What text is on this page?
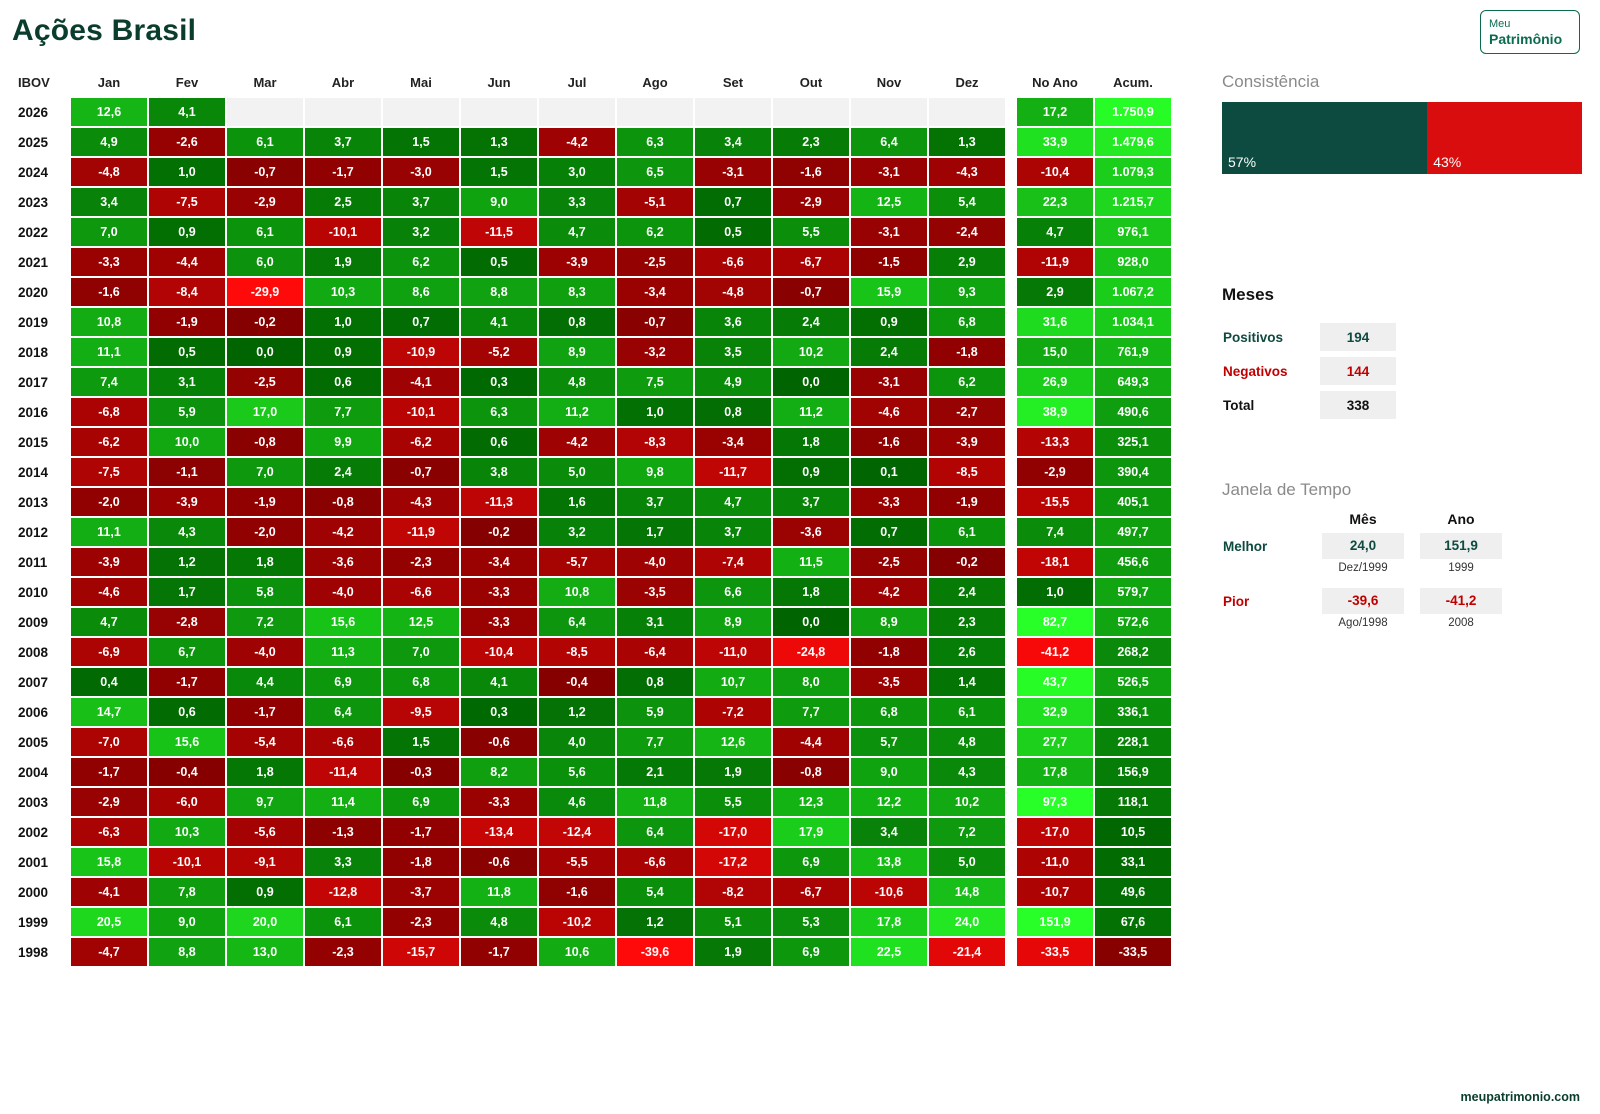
Ações Brasil	Meu
Patrimônio
IBOV	Jan	Fev	Mar	Abr	Mai	Jun	Jul	Ago	Set	Out	Nov	Dez		No Ano	Acum.
2026	12,6	4,1												17,2	1.750,9
2025	4,9	-2,6	6,1	3,7	1,5	1,3	-4,2	6,3	3,4	2,3	6,4	1,3		33,9	1.479,6
2024	-4,8	1,0	-0,7	-1,7	-3,0	1,5	3,0	6,5	-3,1	-1,6	-3,1	-4,3		-10,4	1.079,3
2023	3,4	-7,5	-2,9	2,5	3,7	9,0	3,3	-5,1	0,7	-2,9	12,5	5,4		22,3	1.215,7
2022	7,0	0,9	6,1	-10,1	3,2	-11,5	4,7	6,2	0,5	5,5	-3,1	-2,4		4,7	976,1
2021	-3,3	-4,4	6,0	1,9	6,2	0,5	-3,9	-2,5	-6,6	-6,7	-1,5	2,9		-11,9	928,0
2020	-1,6	-8,4	-29,9	10,3	8,6	8,8	8,3	-3,4	-4,8	-0,7	15,9	9,3		2,9	1.067,2
2019	10,8	-1,9	-0,2	1,0	0,7	4,1	0,8	-0,7	3,6	2,4	0,9	6,8		31,6	1.034,1
2018	11,1	0,5	0,0	0,9	-10,9	-5,2	8,9	-3,2	3,5	10,2	2,4	-1,8		15,0	761,9
2017	7,4	3,1	-2,5	0,6	-4,1	0,3	4,8	7,5	4,9	0,0	-3,1	6,2		26,9	649,3
2016	-6,8	5,9	17,0	7,7	-10,1	6,3	11,2	1,0	0,8	11,2	-4,6	-2,7		38,9	490,6
2015	-6,2	10,0	-0,8	9,9	-6,2	0,6	-4,2	-8,3	-3,4	1,8	-1,6	-3,9		-13,3	325,1
2014	-7,5	-1,1	7,0	2,4	-0,7	3,8	5,0	9,8	-11,7	0,9	0,1	-8,5		-2,9	390,4
2013	-2,0	-3,9	-1,9	-0,8	-4,3	-11,3	1,6	3,7	4,7	3,7	-3,3	-1,9		-15,5	405,1
2012	11,1	4,3	-2,0	-4,2	-11,9	-0,2	3,2	1,7	3,7	-3,6	0,7	6,1		7,4	497,7
2011	-3,9	1,2	1,8	-3,6	-2,3	-3,4	-5,7	-4,0	-7,4	11,5	-2,5	-0,2		-18,1	456,6
2010	-4,6	1,7	5,8	-4,0	-6,6	-3,3	10,8	-3,5	6,6	1,8	-4,2	2,4		1,0	579,7
2009	4,7	-2,8	7,2	15,6	12,5	-3,3	6,4	3,1	8,9	0,0	8,9	2,3		82,7	572,6
2008	-6,9	6,7	-4,0	11,3	7,0	-10,4	-8,5	-6,4	-11,0	-24,8	-1,8	2,6		-41,2	268,2
2007	0,4	-1,7	4,4	6,9	6,8	4,1	-0,4	0,8	10,7	8,0	-3,5	1,4		43,7	526,5
2006	14,7	0,6	-1,7	6,4	-9,5	0,3	1,2	5,9	-7,2	7,7	6,8	6,1		32,9	336,1
2005	-7,0	15,6	-5,4	-6,6	1,5	-0,6	4,0	7,7	12,6	-4,4	5,7	4,8		27,7	228,1
2004	-1,7	-0,4	1,8	-11,4	-0,3	8,2	5,6	2,1	1,9	-0,8	9,0	4,3		17,8	156,9
2003	-2,9	-6,0	9,7	11,4	6,9	-3,3	4,6	11,8	5,5	12,3	12,2	10,2		97,3	118,1
2002	-6,3	10,3	-5,6	-1,3	-1,7	-13,4	-12,4	6,4	-17,0	17,9	3,4	7,2		-17,0	10,5
2001	15,8	-10,1	-9,1	3,3	-1,8	-0,6	-5,5	-6,6	-17,2	6,9	13,8	5,0		-11,0	33,1
2000	-4,1	7,8	0,9	-12,8	-3,7	11,8	-1,6	5,4	-8,2	-6,7	-10,6	14,8		-10,7	49,6
1999	20,5	9,0	20,0	6,1	-2,3	4,8	-10,2	1,2	5,1	5,3	17,8	24,0		151,9	67,6
1998	-4,7	8,8	13,0	-2,3	-15,7	-1,7	10,6	-39,6	1,9	6,9	22,5	-21,4		-33,5	-33,5
Consistência
57%	43%
Meses
Positivos	194
Negativos	144
Total	338
Janela de Tempo
	Mês	Ano
Melhor	24,0	151,9

	Dez/1999	1999
Pior	-39,6	-41,2

	Ago/1998	2008
meupatrimonio.com
